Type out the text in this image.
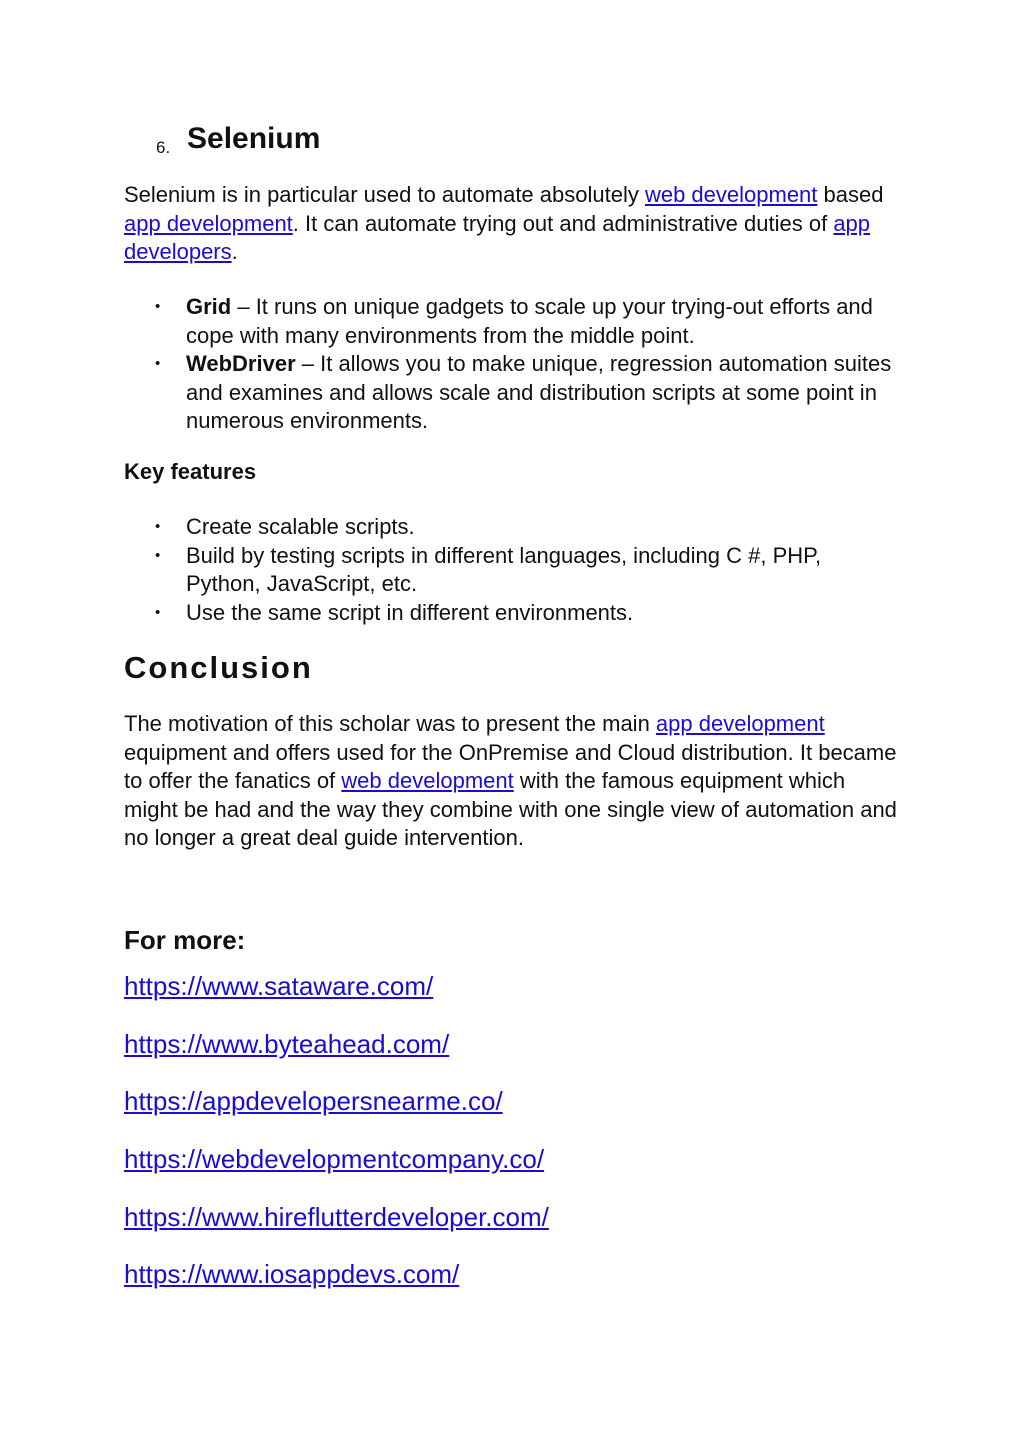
6. Selenium

Selenium is in particular used to automate absolutely web development based app development. It can automate trying out and administrative duties of app developers.

• Grid – It runs on unique gadgets to scale up your trying-out efforts and cope with many environments from the middle point.
• WebDriver – It allows you to make unique, regression automation suites and examines and allows scale and distribution scripts at some point in numerous environments.
Key features
• Create scalable scripts.
• Build by testing scripts in different languages, including C #, PHP, Python, JavaScript, etc.
• Use the same script in different environments.
Conclusion

The motivation of this scholar was to present the main app development equipment and offers used for the OnPremise and Cloud distribution. It became to offer the fanatics of web development with the famous equipment which might be had and the way they combine with one single view of automation and no longer a great deal guide intervention.

For more:
https://www.sataware.com/
https://www.byteahead.com/
https://appdevelopersnearme.co/
https://webdevelopmentcompany.co/
https://www.hireflutterdeveloper.com/
https://www.iosappdevs.com/
